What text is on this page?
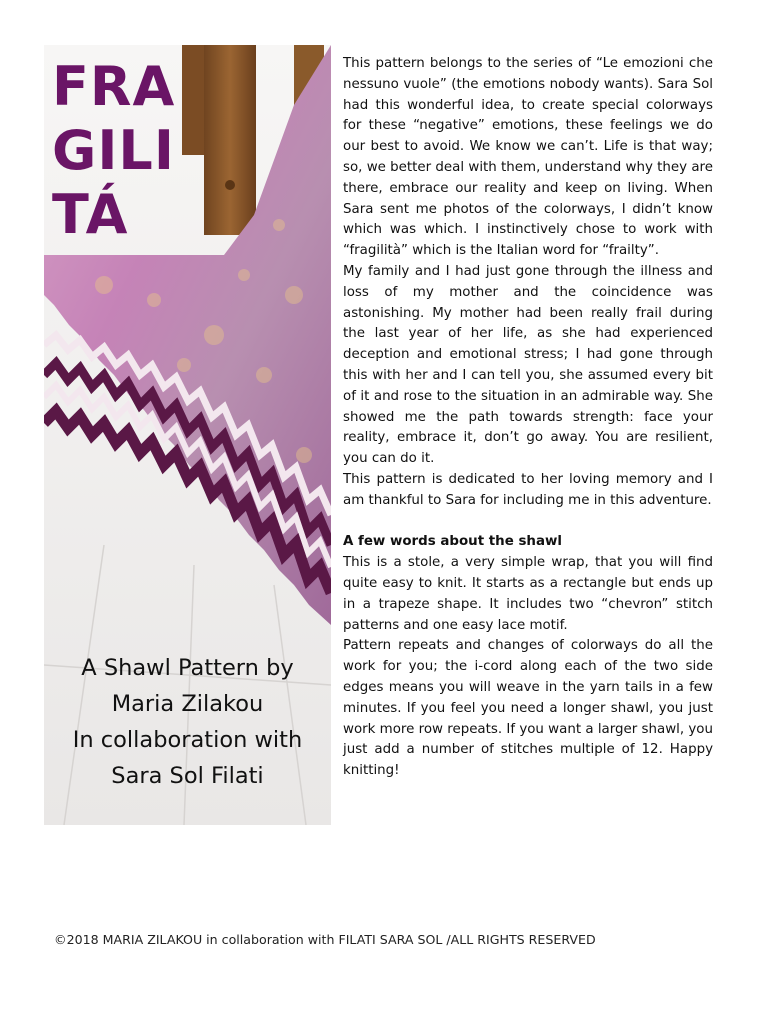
FRA
GILI
TÁ
A Shawl Pattern by
Maria Zilakou
In collaboration with
Sara Sol Filati

This pattern belongs to the series of “Le emozioni che nessuno vuole” (the emotions nobody wants). Sara Sol had this wonderful idea, to create special colorways for these “negative” emotions, these feelings we do our best to avoid. We know we can’t. Life is that way; so, we better deal with them, understand why they are there, embrace our reality and keep on living. When Sara sent me photos of the colorways, I didn’t know which was which. I instinctively chose to work with “fragilità” which is the Italian word for “frailty”.

My family and I had just gone through the illness and loss of my mother and the coincidence was astonishing. My mother had been really frail during the last year of her life, as she had experienced deception and emotional stress; I had gone through this with her and I can tell you, she assumed every bit of it and rose to the situation in an admirable way. She showed me the path towards strength: face your reality, embrace it, don’t go away. You are resilient, you can do it.

This pattern is dedicated to her loving memory and I am thankful to Sara for including me in this adventure.

A few words about the shawl

This is a stole, a very simple wrap, that you will find quite easy to knit. It starts as a rectangle but ends up in a trapeze shape. It includes two “chevron” stitch patterns and one easy lace motif.

Pattern repeats and changes of colorways do all the work for you; the i-cord along each of the two side edges means you will weave in the yarn tails in a few minutes. If you feel you need a longer shawl, you just work more row repeats. If you want a larger shawl, you just add a number of stitches multiple of 12. Happy knitting!

©2018 MARIA ZILAKOU in collaboration with FILATI SARA SOL /ALL RIGHTS RESERVED
